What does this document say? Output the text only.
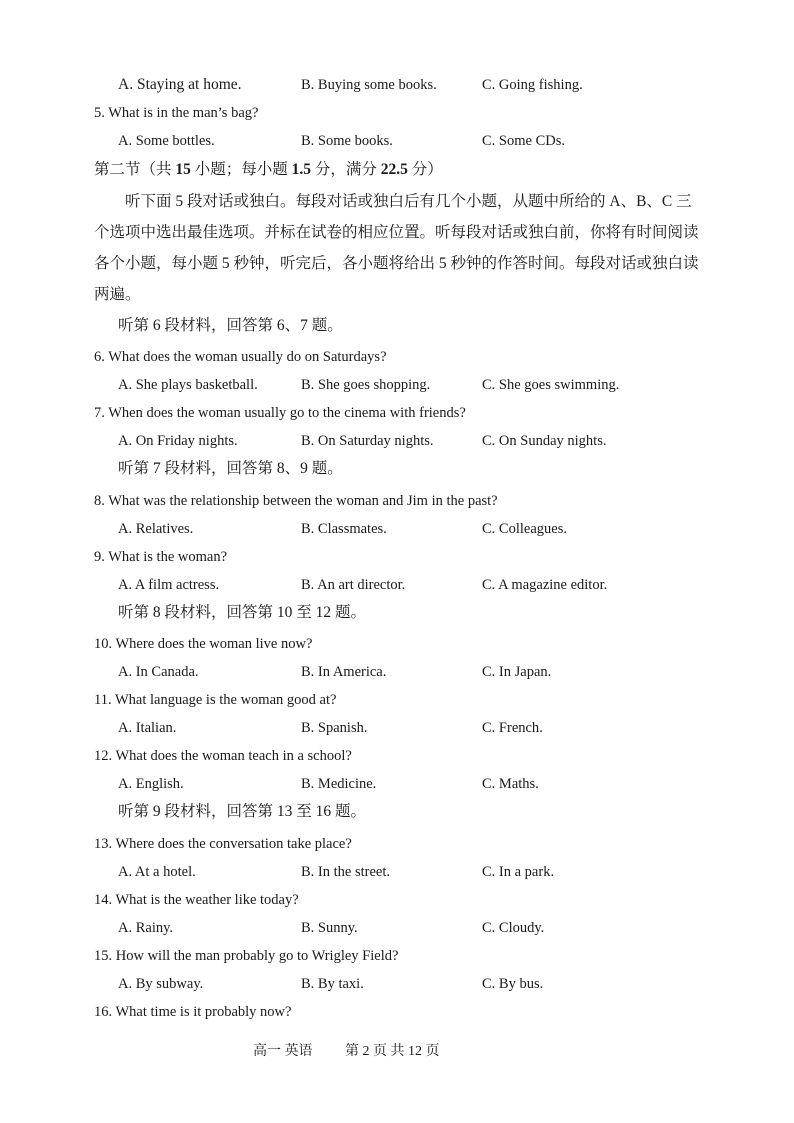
A. Staying at home.	B. Buying some books.	C. Going fishing.
5. What is in the man’s bag?
A. Some bottles.	B. Some books.	C. Some CDs.
第二节（共 15 小题；每小题 1.5 分，满分 22.5 分）
听下面 5 段对话或独白。每段对话或独白后有几个小题，从题中所给的 A、B、C 三个选项中选出最佳选项。并标在试卷的相应位置。听每段对话或独白前，你将有时间阅读各个小题，每小题 5 秒钟，听完后，各小题将给出 5 秒钟的作答时间。每段对话或独白读两遍。
听第 6 段材料，回答第 6、7 题。
6. What does the woman usually do on Saturdays?
A. She plays basketball.	B. She goes shopping.	C. She goes swimming.
7. When does the woman usually go to the cinema with friends?
A. On Friday nights.	B. On Saturday nights.	C. On Sunday nights.
听第 7 段材料，回答第 8、9 题。
8. What was the relationship between the woman and Jim in the past?
A. Relatives.	B. Classmates.	C. Colleagues.
9. What is the woman?
A. A film actress.	B. An art director.	C. A magazine editor.
听第 8 段材料，回答第 10 至 12 题。
10. Where does the woman live now?
A. In Canada.	B. In America.	C. In Japan.
11. What language is the woman good at?
A. Italian.	B. Spanish.	C. French.
12. What does the woman teach in a school?
A. English.	B. Medicine.	C. Maths.
听第 9 段材料，回答第 13 至 16 题。
13. Where does the conversation take place?
A. At a hotel.	B. In the street.	C. In a park.
14. What is the weather like today?
A. Rainy.	B. Sunny.	C. Cloudy.
15. How will the man probably go to Wrigley Field?
A. By subway.	B. By taxi.	C. By bus.
16. What time is it probably now?
高一 英语 第 2 页 共 12 页
